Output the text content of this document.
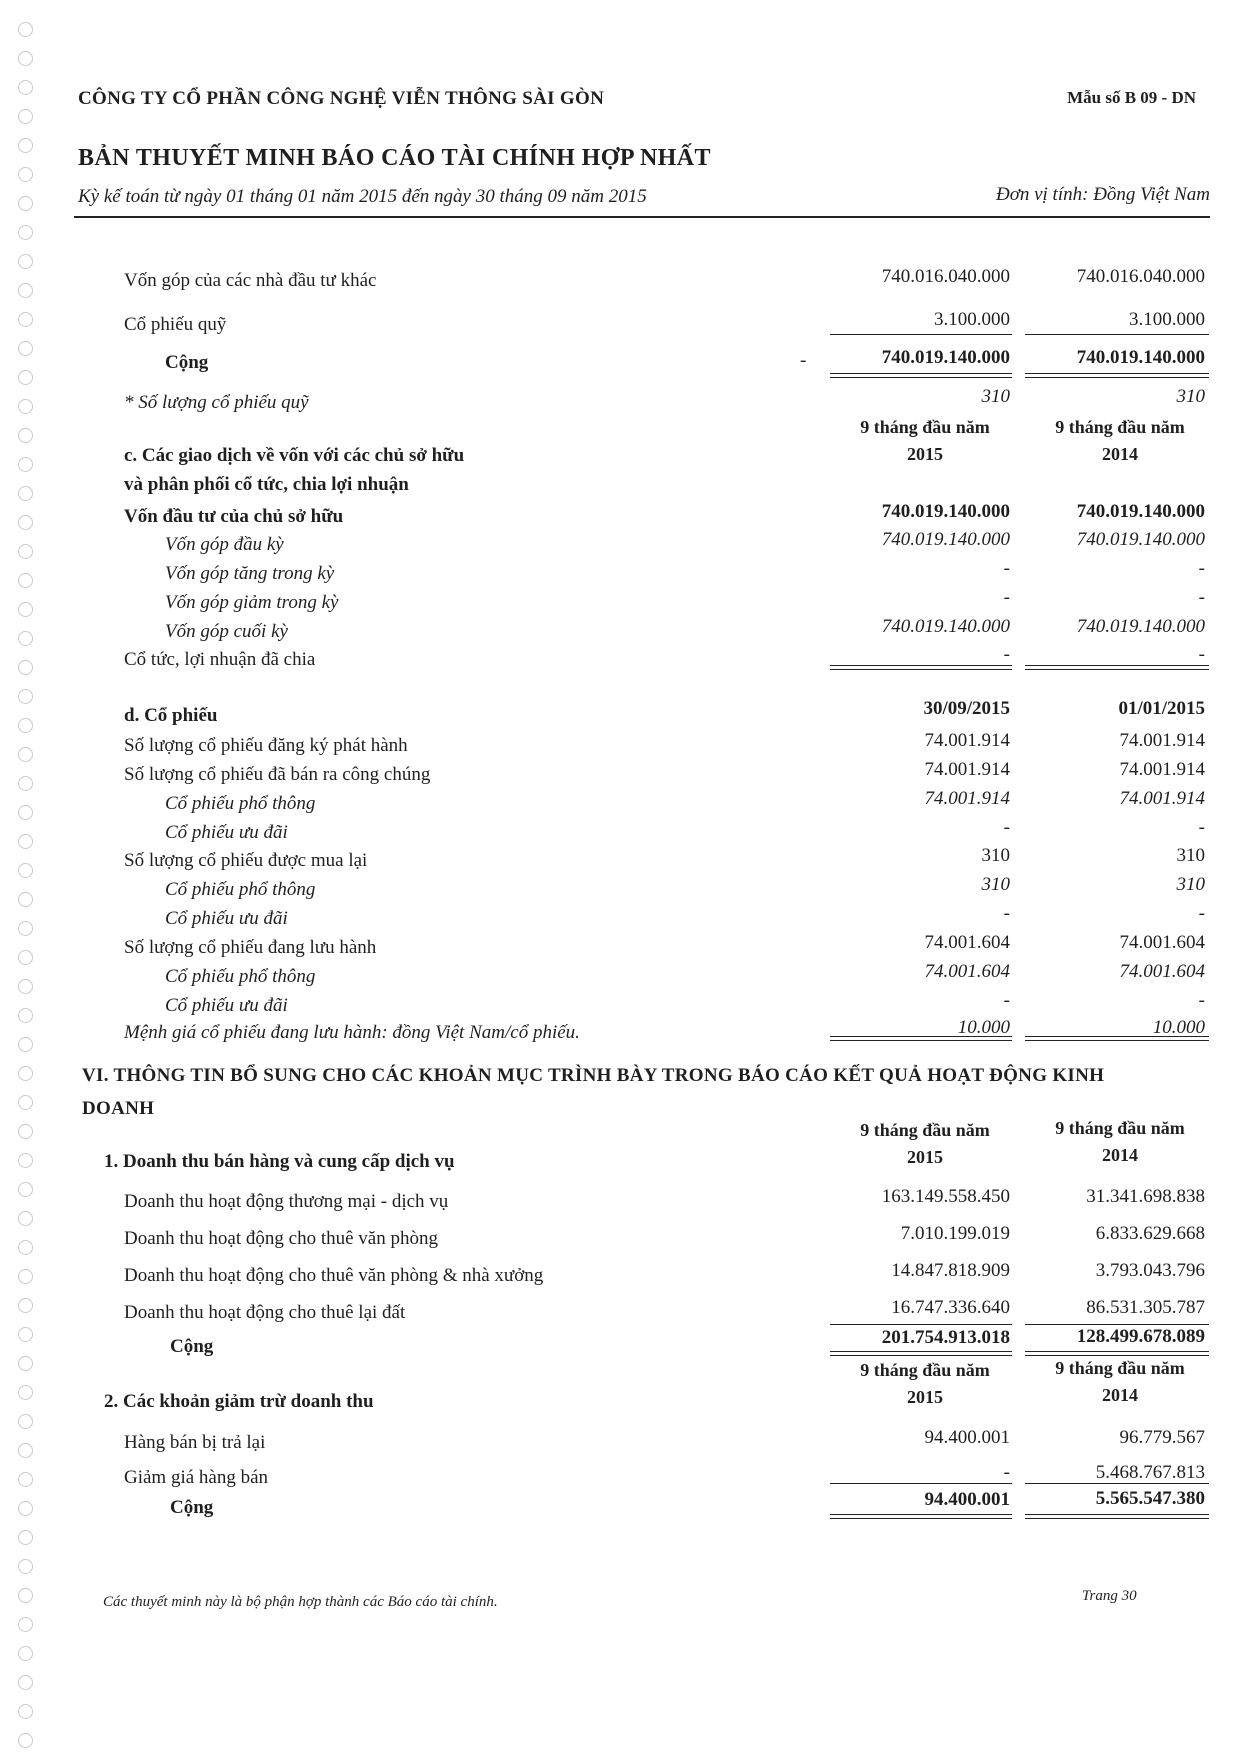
CÔNG TY CỔ PHẦN CÔNG NGHỆ VIỄN THÔNG SÀI GÒN	Mẫu số B 09 - DN
BẢN THUYẾT MINH BÁO CÁO TÀI CHÍNH HỢP NHẤT
Kỳ kế toán từ ngày 01 tháng 01 năm 2015 đến ngày 30 tháng 09 năm 2015	Đơn vị tính: Đồng Việt Nam
Vốn góp của các nhà đầu tư khác	740.016.040.000	740.016.040.000
Cổ phiếu quỹ	3.100.000	3.100.000
Cộng	-	740.019.140.000	740.019.140.000
* Số lượng cổ phiếu quỹ	310	310
9 tháng đầu năm
2015
9 tháng đầu năm
2014
c. Các giao dịch về vốn với các chủ sở hữu
và phân phối cổ tức, chia lợi nhuận
Vốn đầu tư của chủ sở hữu	740.019.140.000	740.019.140.000
Vốn góp đầu kỳ	740.019.140.000	740.019.140.000
Vốn góp tăng trong kỳ	-	-
Vốn góp giảm trong kỳ	-	-
Vốn góp cuối kỳ	740.019.140.000	740.019.140.000
Cổ tức, lợi nhuận đã chia	-	-
d. Cổ phiếu	30/09/2015	01/01/2015
Số lượng cổ phiếu đăng ký phát hành	74.001.914	74.001.914
Số lượng cổ phiếu đã bán ra công chúng	74.001.914	74.001.914
Cổ phiếu phổ thông	74.001.914	74.001.914
Cổ phiếu ưu đãi	-	-
Số lượng cổ phiếu được mua lại	310	310
Cổ phiếu phổ thông	310	310
Cổ phiếu ưu đãi	-	-
Số lượng cổ phiếu đang lưu hành	74.001.604	74.001.604
Cổ phiếu phổ thông	74.001.604	74.001.604
Cổ phiếu ưu đãi	-	-
Mệnh giá cổ phiếu đang lưu hành: đồng Việt Nam/cổ phiếu.	10.000	10.000
VI. THÔNG TIN BỔ SUNG CHO CÁC KHOẢN MỤC TRÌNH BÀY TRONG BÁO CÁO KẾT QUẢ HOẠT ĐỘNG KINH
DOANH
9 tháng đầu năm
2015
9 tháng đầu năm
2014
1. Doanh thu bán hàng và cung cấp dịch vụ
Doanh thu hoạt động thương mại - dịch vụ	163.149.558.450	31.341.698.838
Doanh thu hoạt động cho thuê văn phòng	7.010.199.019	6.833.629.668
Doanh thu hoạt động cho thuê văn phòng & nhà xưởng	14.847.818.909	3.793.043.796
Doanh thu hoạt động cho thuê lại đất	16.747.336.640	86.531.305.787
Cộng	201.754.913.018	128.499.678.089
9 tháng đầu năm
2015
9 tháng đầu năm
2014
2. Các khoản giảm trừ doanh thu
Hàng bán bị trả lại	94.400.001	96.779.567
Giảm giá hàng bán	-	5.468.767.813
Cộng	94.400.001	5.565.547.380
Các thuyết minh này là bộ phận hợp thành các Báo cáo tài chính.	Trang 30
